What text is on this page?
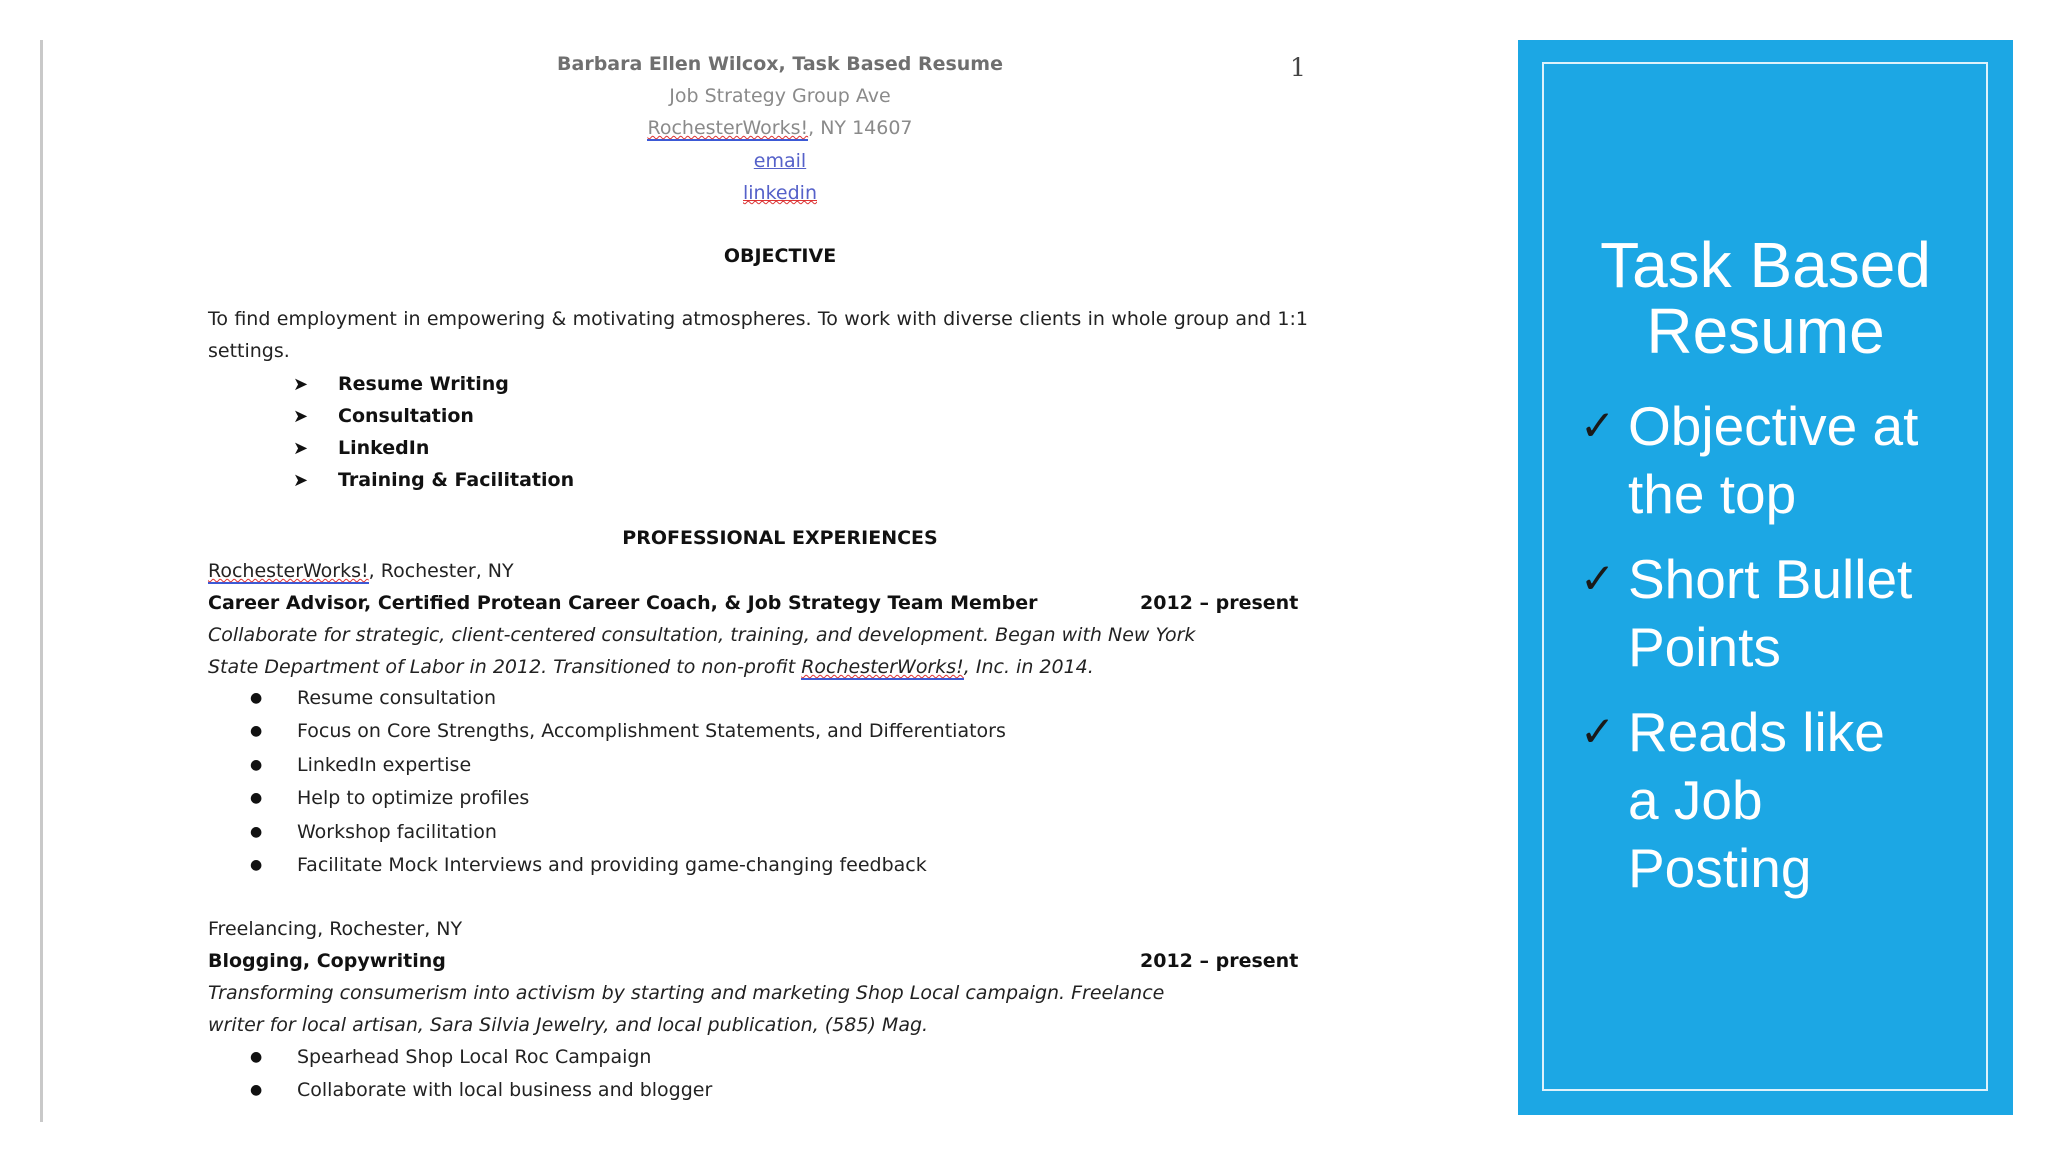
1
Barbara Ellen Wilcox, Task Based Resume
Job Strategy Group Ave
RochesterWorks!, NY 14607
email
linkedin
OBJECTIVE
To find employment in empowering & motivating atmospheres. To work with diverse clients in whole group and 1:1 settings.
➤	Resume Writing
➤	Consultation
➤	LinkedIn
➤	Training & Facilitation
PROFESSIONAL EXPERIENCES
RochesterWorks!, Rochester, NY
Career Advisor, Certified Protean Career Coach, & Job Strategy Team Member	2012 – present
Collaborate for strategic, client-centered consultation, training, and development. Began with New York
State Department of Labor in 2012. Transitioned to non-profit RochesterWorks!, Inc. in 2014.
●	Resume consultation
●	Focus on Core Strengths, Accomplishment Statements, and Differentiators
●	LinkedIn expertise
●	Help to optimize profiles
●	Workshop facilitation
●	Facilitate Mock Interviews and providing game-changing feedback
Freelancing, Rochester, NY
Blogging, Copywriting	2012 – present
Transforming consumerism into activism by starting and marketing Shop Local campaign. Freelance
writer for local artisan, Sara Silvia Jewelry, and local publication, (585) Mag.
●	Spearhead Shop Local Roc Campaign
●	Collaborate with local business and blogger
Task Based
Resume
✓ Objective at the top
✓ Short Bullet Points
✓ Reads like a Job Posting
